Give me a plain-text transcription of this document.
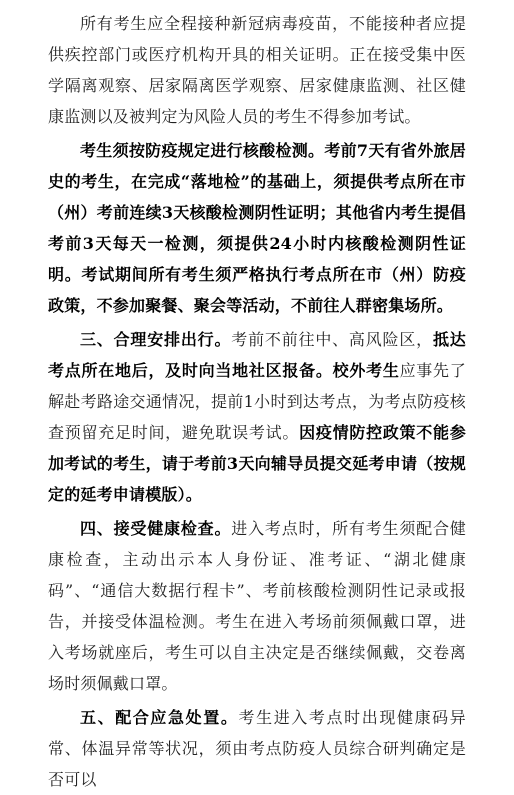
所有考生应全程接种新冠病毒疫苗，不能接种者应提供疾控部门或医疗机构开具的相关证明。正在接受集中医学隔离观察、居家隔离医学观察、居家健康监测、社区健康监测以及被判定为风险人员的考生不得参加考试。

考生须按防疫规定进行核酸检测。考前7天有省外旅居史的考生，在完成“落地检”的基础上，须提供考点所在市（州）考前连续3天核酸检测阴性证明；其他省内考生提倡考前3天每天一检测，须提供24小时内核酸检测阴性证明。考试期间所有考生须严格执行考点所在市（州）防疫政策，不参加聚餐、聚会等活动，不前往人群密集场所。

三、合理安排出行。考前不前往中、高风险区，抵达考点所在地后，及时向当地社区报备。校外考生应事先了解赴考路途交通情况，提前1小时到达考点，为考点防疫核查预留充足时间，避免耽误考试。因疫情防控政策不能参加考试的考生，请于考前3天向辅导员提交延考申请（按规定的延考申请模版）。

四、接受健康检查。进入考点时，所有考生须配合健康检查，主动出示本人身份证、准考证、“湖北健康码”、“通信大数据行程卡”、考前核酸检测阴性记录或报告，并接受体温检测。考生在进入考场前须佩戴口罩，进入考场就座后，考生可以自主决定是否继续佩戴，交卷离场时须佩戴口罩。

五、配合应急处置。考生进入考点时出现健康码异常、体温异常等状况，须由考点防疫人员综合研判确定是否可以
